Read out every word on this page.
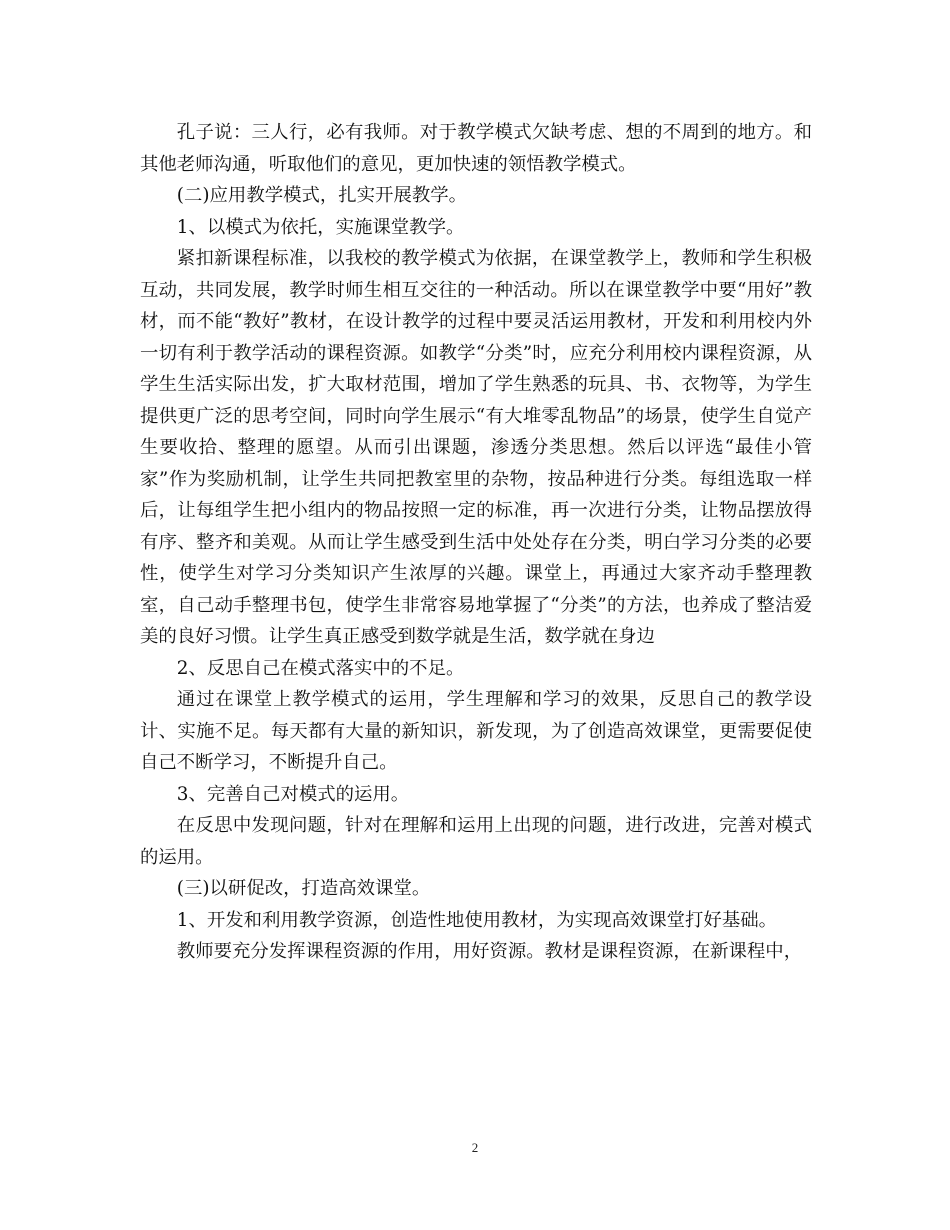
孔子说：三人行，必有我师。对于教学模式欠缺考虑、想的不周到的地方。和其他老师沟通，听取他们的意见，更加快速的领悟教学模式。

(二)应用教学模式，扎实开展教学。

1、以模式为依托，实施课堂教学。

紧扣新课程标准，以我校的教学模式为依据，在课堂教学上，教师和学生积极互动，共同发展，教学时师生相互交往的一种活动。所以在课堂教学中要“用好”教材，而不能“教好”教材，在设计教学的过程中要灵活运用教材，开发和利用校内外一切有利于教学活动的课程资源。如教学“分类”时，应充分利用校内课程资源，从学生生活实际出发，扩大取材范围，增加了学生熟悉的玩具、书、衣物等，为学生提供更广泛的思考空间，同时向学生展示“有大堆零乱物品”的场景，使学生自觉产生要收拾、整理的愿望。从而引出课题，渗透分类思想。然后以评选“最佳小管家”作为奖励机制，让学生共同把教室里的杂物，按品种进行分类。每组选取一样后，让每组学生把小组内的物品按照一定的标准，再一次进行分类，让物品摆放得有序、整齐和美观。从而让学生感受到生活中处处存在分类，明白学习分类的必要性，使学生对学习分类知识产生浓厚的兴趣。课堂上，再通过大家齐动手整理教室，自己动手整理书包，使学生非常容易地掌握了“分类”的方法，也养成了整洁爱美的良好习惯。让学生真正感受到数学就是生活，数学就在身边

2、反思自己在模式落实中的不足。

通过在课堂上教学模式的运用，学生理解和学习的效果，反思自己的教学设计、实施不足。每天都有大量的新知识，新发现，为了创造高效课堂，更需要促使自己不断学习，不断提升自己。

3、完善自己对模式的运用。

在反思中发现问题，针对在理解和运用上出现的问题，进行改进，完善对模式的运用。

(三)以研促改，打造高效课堂。

1、开发和利用教学资源，创造性地使用教材，为实现高效课堂打好基础。

教师要充分发挥课程资源的作用，用好资源。教材是课程资源，在新课程中，

2
